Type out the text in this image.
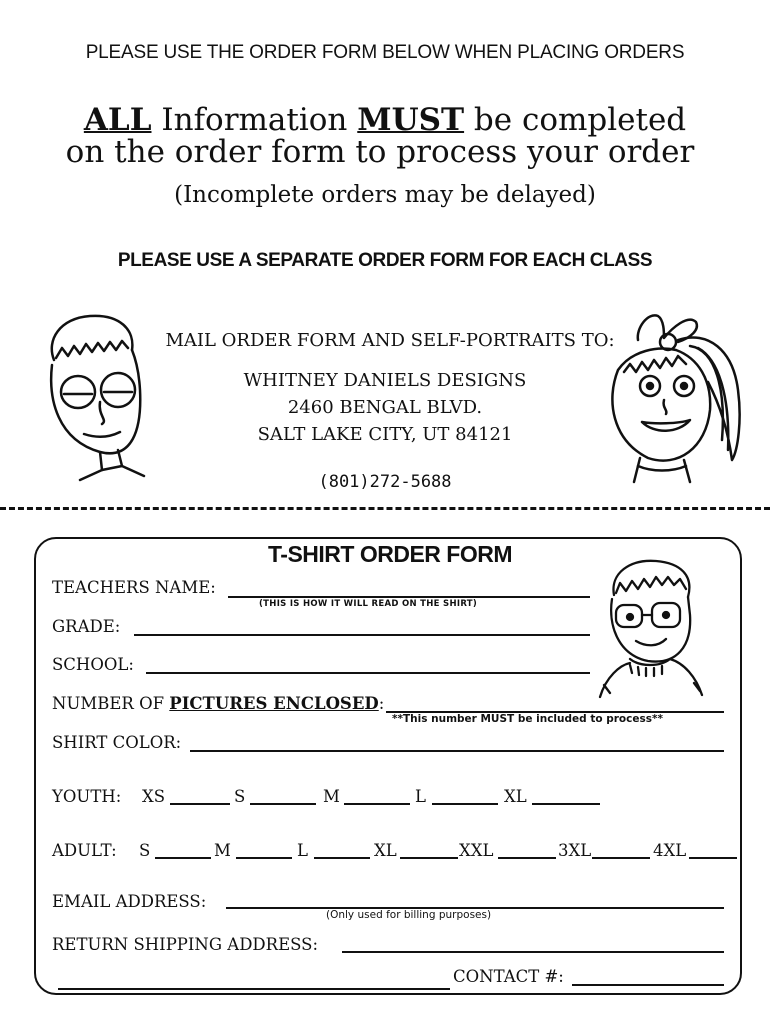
PLEASE USE THE ORDER FORM BELOW WHEN PLACING ORDERS
ALL Information MUST be completed
on the order form to process your order
(Incomplete orders may be delayed)
PLEASE USE A SEPARATE ORDER FORM FOR EACH CLASS
MAIL ORDER FORM AND SELF-PORTRAITS TO:
WHITNEY DANIELS DESIGNS
2460 BENGAL BLVD.
SALT LAKE CITY, UT 84121
(801)272-5688
T-SHIRT ORDER FORM
TEACHERS NAME:
(THIS IS HOW IT WILL READ ON THE SHIRT)
GRADE:
SCHOOL:
NUMBER OF PICTURES ENCLOSED:
**This number MUST be included to process**
SHIRT COLOR:
YOUTH: XS	S	M	L	XL
ADULT: S	M	L	XL	XXL	3XL	4XL
EMAIL ADDRESS:
(Only used for billing purposes)
RETURN SHIPPING ADDRESS:
CONTACT #:
